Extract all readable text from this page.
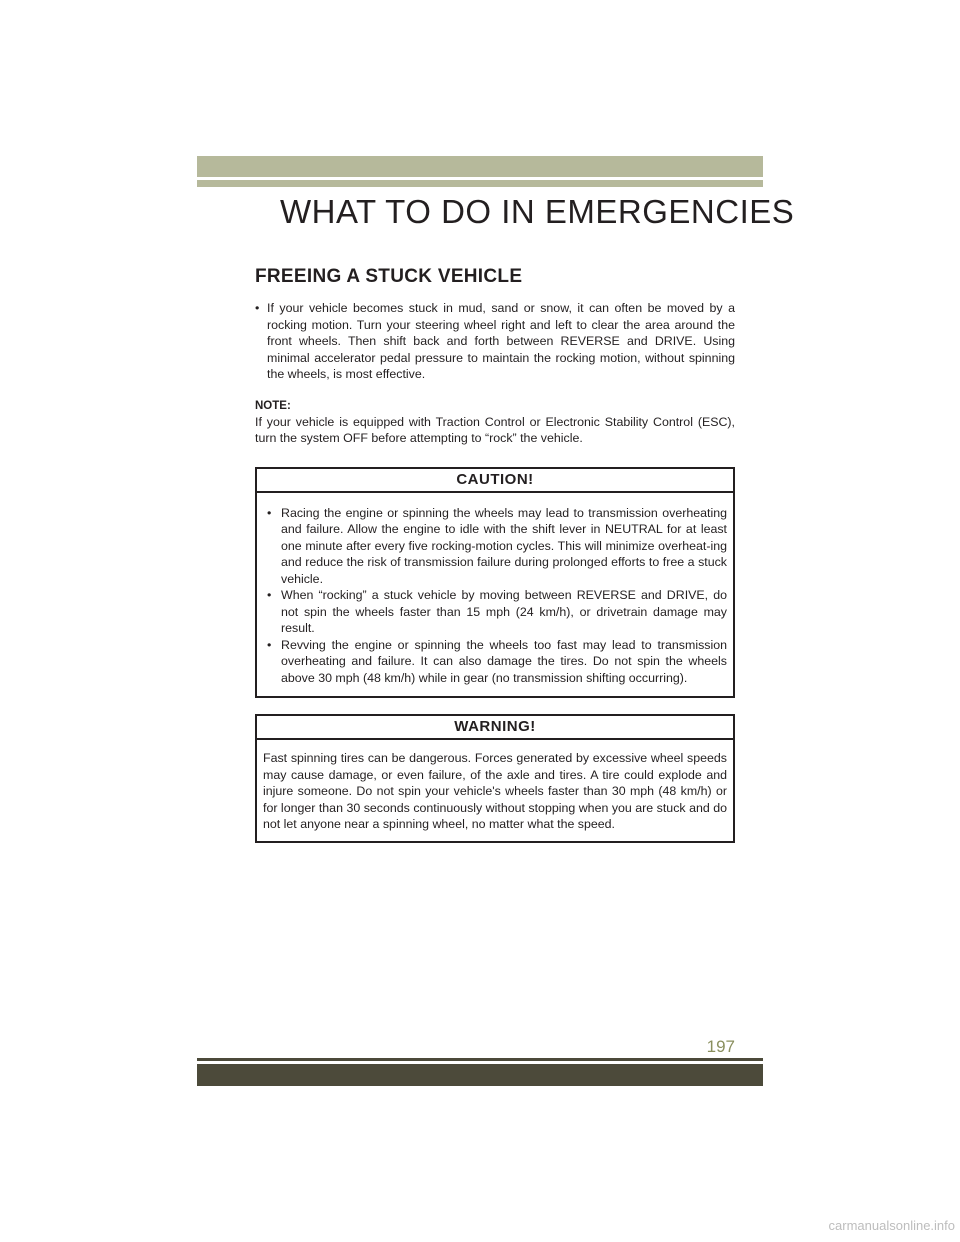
WHAT TO DO IN EMERGENCIES
FREEING A STUCK VEHICLE
• If your vehicle becomes stuck in mud, sand or snow, it can often be moved by a rocking motion. Turn your steering wheel right and left to clear the area around the front wheels. Then shift back and forth between REVERSE and DRIVE. Using minimal accelerator pedal pressure to maintain the rocking motion, without spinning the wheels, is most effective.
NOTE:

If your vehicle is equipped with Traction Control or Electronic Stability Control (ESC), turn the system OFF before attempting to “rock” the vehicle.

CAUTION!
• Racing the engine or spinning the wheels may lead to transmission overheating and failure. Allow the engine to idle with the shift lever in NEUTRAL for at least one minute after every five rocking-motion cycles. This will minimize overheat-ing and reduce the risk of transmission failure during prolonged efforts to free a stuck vehicle.
• When “rocking” a stuck vehicle by moving between REVERSE and DRIVE, do not spin the wheels faster than 15 mph (24 km/h), or drivetrain damage may result.
• Revving the engine or spinning the wheels too fast may lead to transmission overheating and failure. It can also damage the tires. Do not spin the wheels above 30 mph (48 km/h) while in gear (no transmission shifting occurring).
WARNING!

Fast spinning tires can be dangerous. Forces generated by excessive wheel speeds may cause damage, or even failure, of the axle and tires. A tire could explode and injure someone. Do not spin your vehicle's wheels faster than 30 mph (48 km/h) or for longer than 30 seconds continuously without stopping when you are stuck and do not let anyone near a spinning wheel, no matter what the speed.

197
carmanualsonline.info
